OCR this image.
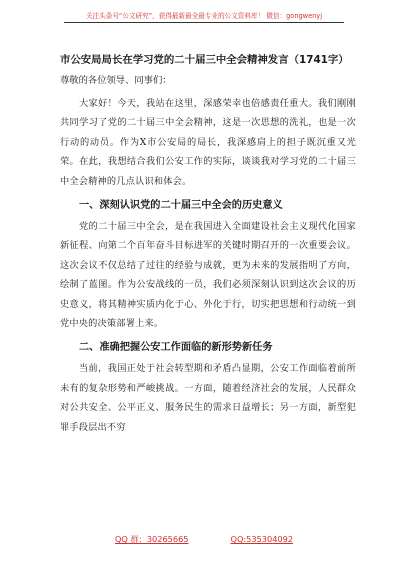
关注头条号“公文研究”，获得最新最全最专业的公文资料库！ 微信：gongwenyj

市公安局局长在学习党的二十届三中全会精神发言（1741字）

尊敬的各位领导、同事们：

大家好！今天，我站在这里，深感荣幸也倍感责任重大。我们刚刚共同学习了党的二十届三中全会精神，这是一次思想的洗礼，也是一次行动的动员。作为X市公安局的局长，我深感肩上的担子既沉重又光荣。在此，我想结合我们公安工作的实际，谈谈我对学习党的二十届三中全会精神的几点认识和体会。

一、深刻认识党的二十届三中全会的历史意义

党的二十届三中全会，是在我国进入全面建设社会主义现代化国家新征程、向第二个百年奋斗目标进军的关键时期召开的一次重要会议。这次会议不仅总结了过往的经验与成就，更为未来的发展指明了方向，绘制了蓝图。作为公安战线的一员，我们必须深刻认识到这次会议的历史意义，将其精神实质内化于心、外化于行，切实把思想和行动统一到党中央的决策部署上来。

二、准确把握公安工作面临的新形势新任务

当前，我国正处于社会转型期和矛盾凸显期，公安工作面临着前所未有的复杂形势和严峻挑战。一方面，随着经济社会的发展，人民群众对公共安全、公平正义、服务民生的需求日益增长；另一方面，新型犯罪手段层出不穷

QQ 群：30265665	QQ:535304092
